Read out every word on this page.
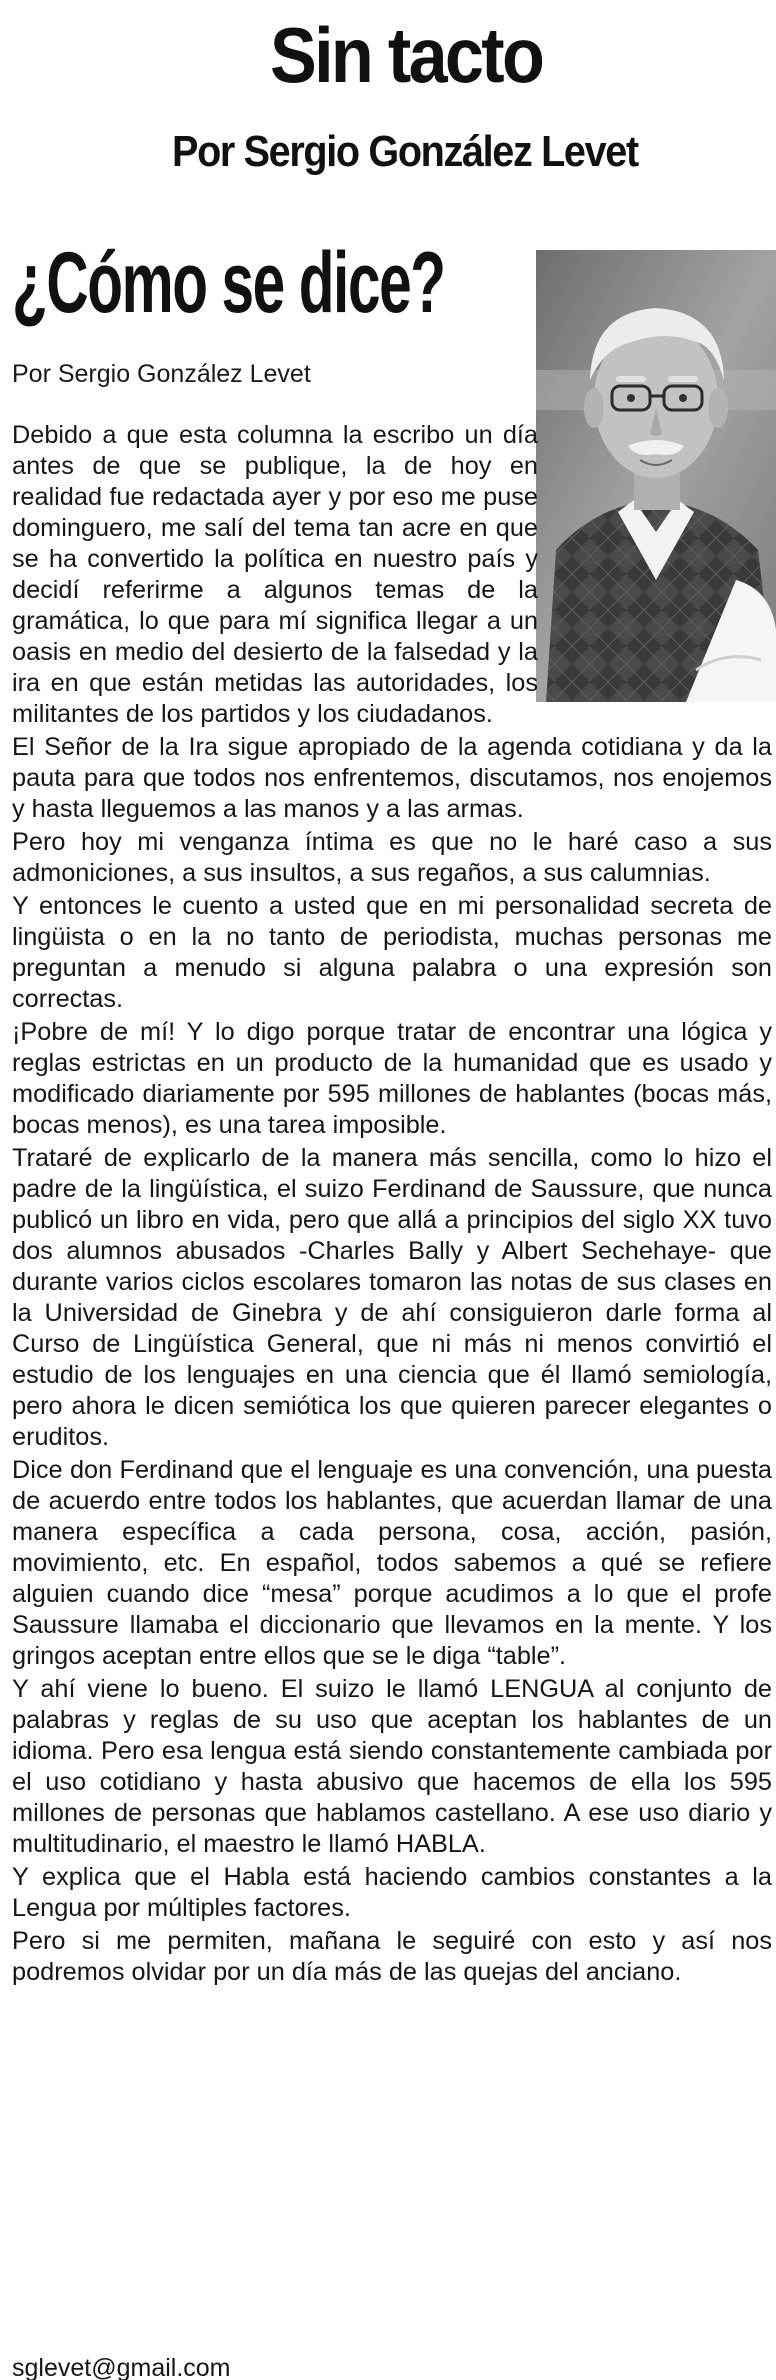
Sin tacto
Por Sergio González Levet
¿Cómo se dice?
Por Sergio González Levet

Debido a que esta columna la escribo un día antes de que se publique, la de hoy en realidad fue redactada ayer y por eso me puse dominguero, me salí del tema tan acre en que se ha convertido la política en nuestro país y decidí referirme a algunos temas de la gramática, lo que para mí significa llegar a un oasis en medio del desierto de la falsedad y la ira en que están metidas las autoridades, los militantes de los partidos y los ciudadanos.

El Señor de la Ira sigue apropiado de la agenda cotidiana y da la pauta para que todos nos enfrentemos, discutamos, nos enojemos y hasta lleguemos a las manos y a las armas.

Pero hoy mi venganza íntima es que no le haré caso a sus admoniciones, a sus insultos, a sus regaños, a sus calumnias.

Y entonces le cuento a usted que en mi personalidad secreta de lingüista o en la no tanto de periodista, muchas personas me preguntan a menudo si alguna palabra o una expresión son correctas.

¡Pobre de mí! Y lo digo porque tratar de encontrar una lógica y reglas estrictas en un producto de la humanidad que es usado y modificado diariamente por 595 millones de hablantes (bocas más, bocas menos), es una tarea imposible.

Trataré de explicarlo de la manera más sencilla, como lo hizo el padre de la lingüística, el suizo Ferdinand de Saussure, que nunca publicó un libro en vida, pero que allá a principios del siglo XX tuvo dos alumnos abusados -Charles Bally y Albert Sechehaye- que durante varios ciclos escolares tomaron las notas de sus clases en la Universidad de Ginebra y de ahí consiguieron darle forma al Curso de Lingüística General, que ni más ni menos convirtió el estudio de los lenguajes en una ciencia que él llamó semiología, pero ahora le dicen semiótica los que quieren parecer elegantes o eruditos.

Dice don Ferdinand que el lenguaje es una convención, una puesta de acuerdo entre todos los hablantes, que acuerdan llamar de una manera específica a cada persona, cosa, acción, pasión, movimiento, etc. En español, todos sabemos a qué se refiere alguien cuando dice “mesa” porque acudimos a lo que el profe Saussure llamaba el diccionario que llevamos en la mente. Y los gringos aceptan entre ellos que se le diga “table”.

Y ahí viene lo bueno. El suizo le llamó LENGUA al conjunto de palabras y reglas de su uso que aceptan los hablantes de un idioma. Pero esa lengua está siendo constantemente cambiada por el uso cotidiano y hasta abusivo que hacemos de ella los 595 millones de personas que hablamos castellano. A ese uso diario y multitudinario, el maestro le llamó HABLA.

Y explica que el Habla está haciendo cambios constantes a la Lengua por múltiples factores.

Pero si me permiten, mañana le seguiré con esto y así nos podremos olvidar por un día más de las quejas del anciano.

sglevet@gmail.com
